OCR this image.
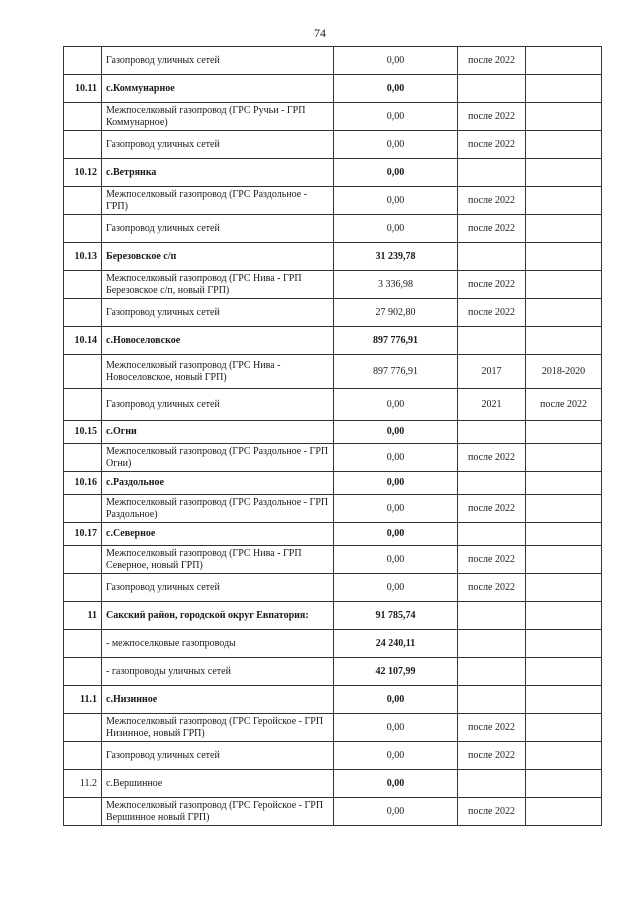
74
	Газопровод уличных сетей	0,00	после 2022	
10.11	с.Коммунарное	0,00		
	Межпоселковый газопровод (ГРС Ручьи - ГРП Коммунарное)	0,00	после 2022	
	Газопровод уличных сетей	0,00	после 2022	
10.12	с.Ветрянка	0,00		
	Межпоселковый газопровод (ГРС Раздольное - ГРП)	0,00	после 2022	
	Газопровод уличных сетей	0,00	после 2022	
10.13	Березовское с/п	31 239,78		
	Межпоселковый газопровод (ГРС Нива - ГРП Березовское с/п, новый ГРП)	3 336,98	после 2022	
	Газопровод уличных сетей	27 902,80	после 2022	
10.14	с.Новоселовское	897 776,91		
	Межпоселковый газопровод (ГРС Нива - Новоселовское, новый ГРП)	897 776,91	2017	2018-2020
	Газопровод уличных сетей	0,00	2021	после 2022
10.15	с.Огни	0,00		
	Межпоселковый газопровод (ГРС Раздольное - ГРП Огни)	0,00	после 2022	
10.16	с.Раздольное	0,00		
	Межпоселковый газопровод (ГРС Раздольное - ГРП Раздольное)	0,00	после 2022	
10.17	с.Северное	0,00		
	Межпоселковый газопровод (ГРС Нива - ГРП Северное, новый ГРП)	0,00	после 2022	
	Газопровод уличных сетей	0,00	после 2022	
11	Сакский район, городской округ Евпатория:	91 785,74		
	- межпоселковые газопроводы	24 240,11		
	- газопроводы уличных сетей	42 107,99		
11.1	с.Низинное	0,00		
	Межпоселковый газопровод (ГРС Геройское - ГРП Низинное, новый ГРП)	0,00	после 2022	
	Газопровод уличных сетей	0,00	после 2022	
11.2	с.Вершинное	0,00		
	Межпоселковый газопровод (ГРС Геройское - ГРП Вершинное новый ГРП)	0,00	после 2022	
